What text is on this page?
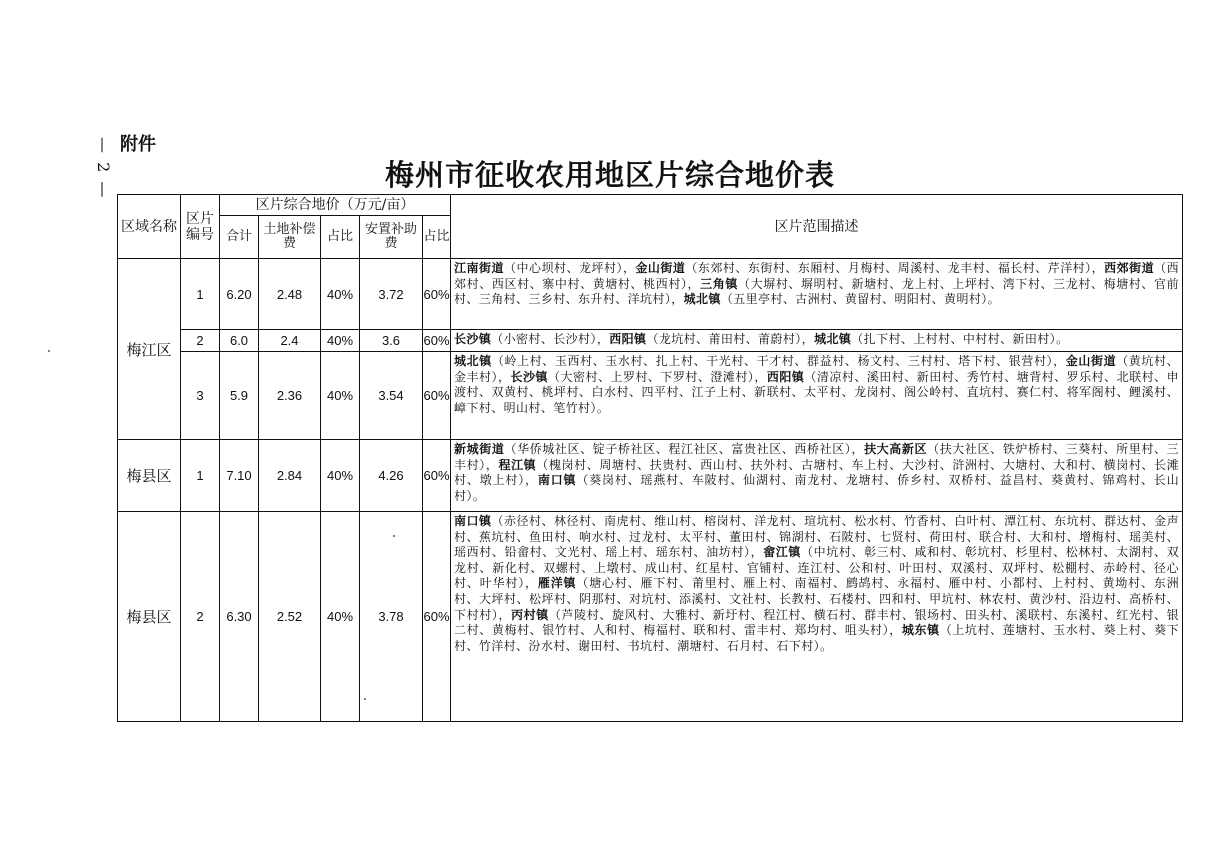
— 2 — 附件
梅州市征收农用地区片综合地价表
区域名称	区片编号	区片综合地价（万元/亩）					区片范围描述
		合计	土地补偿费	占比	安置补助费	占比	
梅江区	1	6.20	2.48	40%	3.72	60%	江南街道（中心坝村、龙坪村），金山街道（东郊村、东街村、东厢村、月梅村、周溪村、龙丰村、福长村、芹洋村），西郊街道（西郊村、西区村、寨中村、黄塘村、桃西村），三角镇（大塀村、塀明村、新塘村、龙上村、上坪村、湾下村、三龙村、梅塘村、官前村、三角村、三乡村、东升村、洋坑村），城北镇（五里亭村、古洲村、黄留村、明阳村、黄明村）。
	2	6.0	2.4	40%	3.6	60%	长沙镇（小密村、长沙村），西阳镇（龙坑村、莆田村、莆蔚村），城北镇（扎下村、上村村、中村村、新田村）。
	3	5.9	2.36	40%	3.54	60%	城北镇（岭上村、玉西村、玉水村、扎上村、干光村、干才村、群益村、杨文村、三村村、塔下村、银营村），金山街道（黄坑村、金丰村），长沙镇（大密村、上罗村、下罗村、澄滩村），西阳镇（清凉村、溪田村、新田村、秀竹村、塘背村、罗乐村、北联村、申渡村、双黄村、桃坪村、白水村、四平村、江子上村、新联村、太平村、龙岗村、阁公岭村、直坑村、赛仁村、将军阁村、鲤溪村、嶂下村、明山村、笔竹村）。
梅县区	1	7.10	2.84	40%	4.26	60%	新城街道（华侨城社区、锭子桥社区、程江社区、富贵社区、西桥社区），扶大高新区（扶大社区、铁炉桥村、三葵村、所里村、三丰村），程江镇（槐岗村、周塘村、扶贵村、西山村、扶外村、古塘村、车上村、大沙村、浒洲村、大塘村、大和村、横岗村、长滩村、墩上村），南口镇（葵岗村、瑶燕村、车陂村、仙湖村、南龙村、龙塘村、侨乡村、双桥村、益昌村、葵黄村、锦鸡村、长山村）。
梅县区	2	6.30	2.52	40%	3.78	60%	南口镇（赤径村、林径村、南虎村、维山村、榕岗村、洋龙村、瑄坑村、松水村、竹香村、白叶村、潭江村、东坑村、群达村、金声村、蕉坑村、鱼田村、响水村、过龙村、太平村、董田村、锦湖村、石陂村、七贤村、荷田村、联合村、大和村、增梅村、瑶美村、瑶西村、铅畲村、文光村、瑶上村、瑶东村、油坊村），畲江镇（中坑村、彰三村、咸和村、彰坑村、杉里村、松林村、太湖村、双龙村、新化村、双螺村、上墩村、成山村、红星村、官铺村、连江村、公和村、叶田村、双溪村、双坪村、松棚村、赤岭村、径心村、叶华村），雁洋镇（塘心村、雁下村、莆里村、雁上村、南福村、鹧鸪村、永福村、雁中村、小都村、上村村、黄坳村、东洲村、大坪村、松坪村、阴那村、对坑村、添溪村、文社村、长教村、石楼村、四和村、甲坑村、林农村、黄沙村、沿边村、高桥村、下村村），丙村镇（芦陵村、旋风村、大雅村、新圩村、程江村、横石村、群丰村、银场村、田头村、溪联村、东溪村、红光村、银二村、黄梅村、银竹村、人和村、梅福村、联和村、雷丰村、郑均村、咀头村），城东镇（上坑村、莲塘村、玉水村、葵上村、葵下村、竹洋村、汾水村、谢田村、书坑村、潮塘村、石月村、石下村）。
